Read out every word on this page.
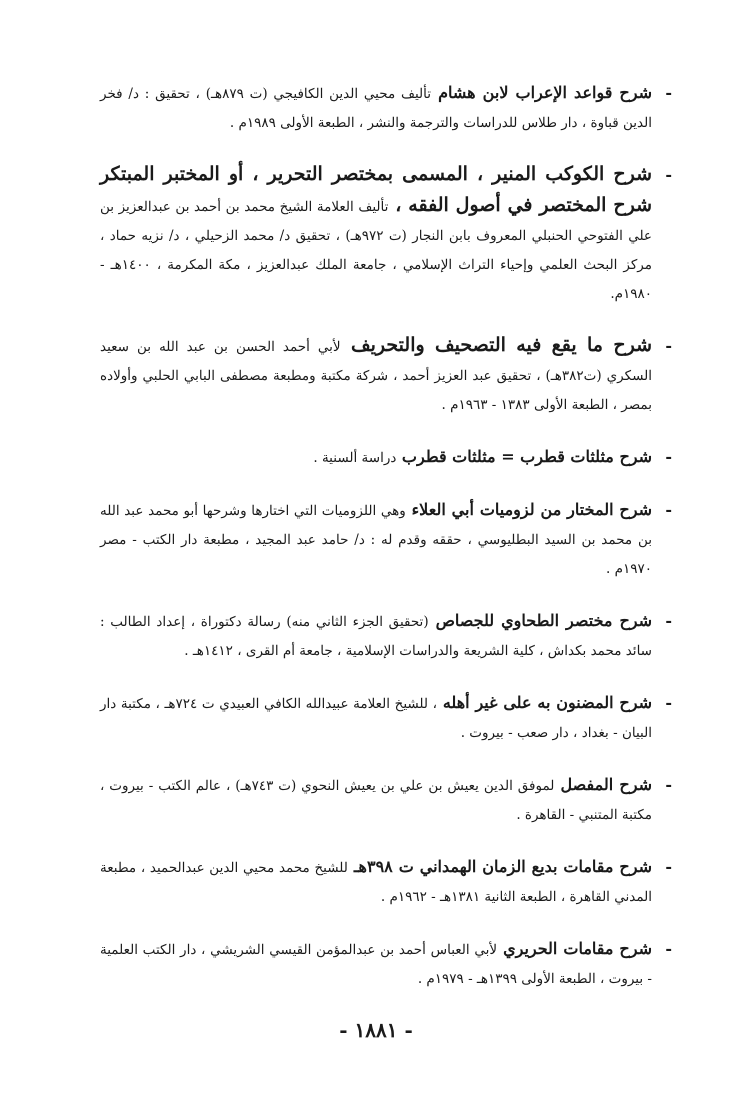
-
شرح قواعد الإعراب لابن هشام تأليف محيي الدين الكافيجي (ت ٨٧٩هـ) ، تحقيق : د/ فخر الدين قباوة ، دار طلاس للدراسات والترجمة والنشر ، الطبعة الأولى ١٩٨٩م .
-
شرح الكوكب المنير ، المسمى بمختصر التحرير ، أو المختبر المبتكر شرح المختصر في أصول الفقه ، تأليف العلامة الشيخ محمد بن أحمد بن عبدالعزيز بن علي الفتوحي الحنبلي المعروف بابن النجار (ت ٩٧٢هـ) ، تحقيق د/ محمد الزحيلي ، د/ نزيه حماد ، مركز البحث العلمي وإحياء التراث الإسلامي ، جامعة الملك عبدالعزيز ، مكة المكرمة ، ١٤٠٠هـ - ١٩٨٠م.
-
شرح ما يقع فيه التصحيف والتحريف لأبي أحمد الحسن بن عبد الله بن سعيد السكري (ت٣٨٢هـ) ، تحقيق عبد العزيز أحمد ، شركة مكتبة ومطبعة مصطفى البابي الحلبي وأولاده بمصر ، الطبعة الأولى ١٣٨٣ - ١٩٦٣م .
-
شرح مثلثات قطرب = مثلثات قطرب دراسة ألسنية .
-
شرح المختار من لزوميات أبي العلاء وهي اللزوميات التي اختارها وشرحها أبو محمد عبد الله بن محمد بن السيد البطليوسي ، حققه وقدم له : د/ حامد عبد المجيد ، مطبعة دار الكتب - مصر ١٩٧٠م .
-
شرح مختصر الطحاوي للجصاص (تحقيق الجزء الثاني منه) رسالة دكتوراة ، إعداد الطالب : سائد محمد بكداش ، كلية الشريعة والدراسات الإسلامية ، جامعة أم القرى ، ١٤١٢هـ .
-
شرح المضنون به على غير أهله ، للشيخ العلامة عبيدالله الكافي العبيدي ت ٧٢٤هـ ، مكتبة دار البيان - بغداد ، دار صعب - بيروت .
-
شرح المفصل لموفق الدين يعيش بن علي بن يعيش النحوي (ت ٧٤٣هـ) ، عالم الكتب - بيروت ، مكتبة المتنبي - القاهرة .
-
شرح مقامات بديع الزمان الهمداني ت ٣٩٨هـ للشيخ محمد محيي الدين عبدالحميد ، مطبعة المدني القاهرة ، الطبعة الثانية ١٣٨١هـ - ١٩٦٢م .
-
شرح مقامات الحريري لأبي العباس أحمد بن عبدالمؤمن القيسي الشريشي ، دار الكتب العلمية - بيروت ، الطبعة الأولى ١٣٩٩هـ - ١٩٧٩م .
- ١٨٨١ -
